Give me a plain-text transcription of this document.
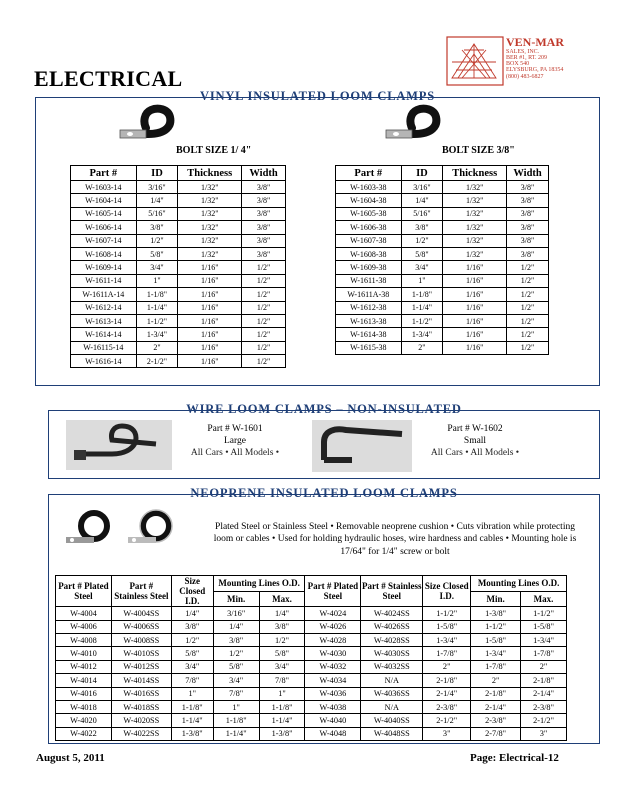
ELECTRICAL
VEN-MAR
SALES, INC.
BER #1, RT. 209
BOX 540
ELYSBURG, PA 18354
(800) 483-6827
VINYL INSULATED LOOM CLAMPS
BOLT SIZE 1/ 4"	BOLT SIZE 3/8"
Part #	ID	Thickness	Width
W-1603-14	3/16"	1/32"	3/8"
W-1604-14	1/4"	1/32"	3/8"
W-1605-14	5/16"	1/32"	3/8"
W-1606-14	3/8"	1/32"	3/8"
W-1607-14	1/2"	1/32"	3/8"
W-1608-14	5/8"	1/32"	3/8"
W-1609-14	3/4"	1/16"	1/2"
W-1611-14	1"	1/16"	1/2"
W-1611A-14	1-1/8"	1/16"	1/2"
W-1612-14	1-1/4"	1/16"	1/2"
W-1613-14	1-1/2"	1/16"	1/2"
W-1614-14	1-3/4"	1/16"	1/2"
W-16115-14	2"	1/16"	1/2"
W-1616-14	2-1/2"	1/16"	1/2"
Part #	ID	Thickness	Width
W-1603-38	3/16"	1/32"	3/8"
W-1604-38	1/4"	1/32"	3/8"
W-1605-38	5/16"	1/32"	3/8"
W-1606-38	3/8"	1/32"	3/8"
W-1607-38	1/2"	1/32"	3/8"
W-1608-38	5/8"	1/32"	3/8"
W-1609-38	3/4"	1/16"	1/2"
W-1611-38	1"	1/16"	1/2"
W-1611A-38	1-1/8"	1/16"	1/2"
W-1612-38	1-1/4"	1/16"	1/2"
W-1613-38	1-1/2"	1/16"	1/2"
W-1614-38	1-3/4"	1/16"	1/2"
W-1615-38	2"	1/16"	1/2"
WIRE LOOM CLAMPS – NON-INSULATED
Part # W-1601
Large
All Cars • All Models •
Part # W-1602
Small
All Cars • All Models •
NEOPRENE INSULATED LOOM CLAMPS
Plated Steel or Stainless Steel • Removable neoprene cushion • Cuts vibration while protecting loom or cables • Used for holding hydraulic hoses, wire hardness and cables • Mounting hole is 17/64" for 1/4" screw or bolt
Part # Plated Steel	Part # Stainless Steel	Size Closed I.D.	Mounting Lines O.D.		Part # Plated Steel	Part # Stainless Steel	Size Closed I.D.	Mounting Lines O.D.	
			Min.	Max.				Min.	Max.
W-4004	W-4004SS	1/4"	3/16"	1/4"	W-4024	W-4024SS	1-1/2"	1-3/8"	1-1/2"
W-4006	W-4006SS	3/8"	1/4"	3/8"	W-4026	W-4026SS	1-5/8"	1-1/2"	1-5/8"
W-4008	W-4008SS	1/2"	3/8"	1/2"	W-4028	W-4028SS	1-3/4"	1-5/8"	1-3/4"
W-4010	W-4010SS	5/8"	1/2"	5/8"	W-4030	W-4030SS	1-7/8"	1-3/4"	1-7/8"
W-4012	W-4012SS	3/4"	5/8"	3/4"	W-4032	W-4032SS	2"	1-7/8"	2"
W-4014	W-4014SS	7/8"	3/4"	7/8"	W-4034	N/A	2-1/8"	2"	2-1/8"
W-4016	W-4016SS	1"	7/8"	1"	W-4036	W-4036SS	2-1/4"	2-1/8"	2-1/4"
W-4018	W-4018SS	1-1/8"	1"	1-1/8"	W-4038	N/A	2-3/8"	2-1/4"	2-3/8"
W-4020	W-4020SS	1-1/4"	1-1/8"	1-1/4"	W-4040	W-4040SS	2-1/2"	2-3/8"	2-1/2"
W-4022	W-4022SS	1-3/8"	1-1/4"	1-3/8"	W-4048	W-4048SS	3"	2-7/8"	3"
August 5, 2011	Page: Electrical-12
